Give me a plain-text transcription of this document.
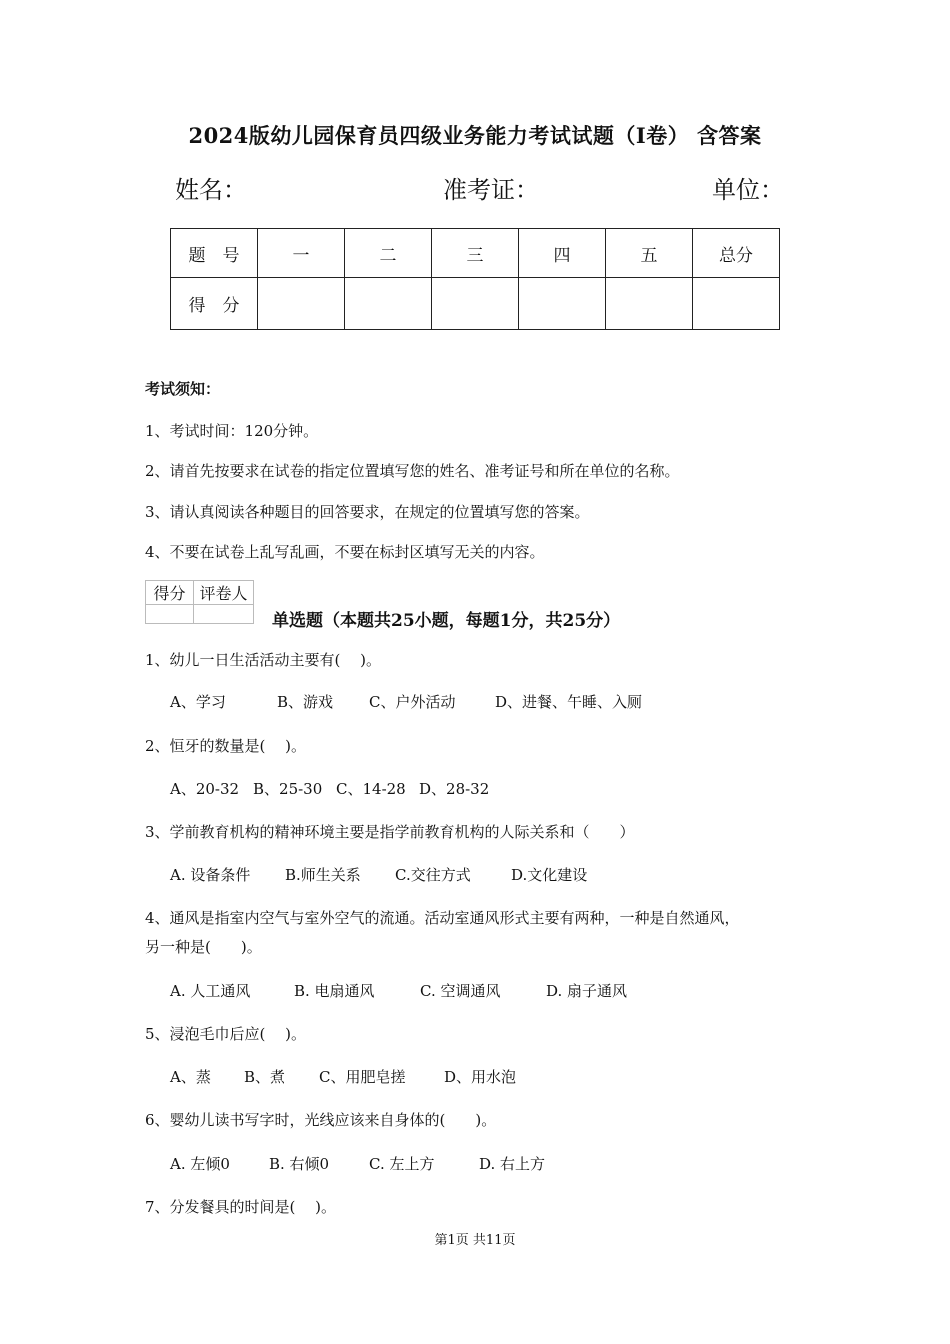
2024版幼儿园保育员四级业务能力考试试题（I卷） 含答案
姓名：	准考证：	单位：
题　号	一	二	三	四	五	总分
得　分						
考试须知：
1、考试时间：120分钟。
2、请首先按要求在试卷的指定位置填写您的姓名、准考证号和所在单位的名称。
3、请认真阅读各种题目的回答要求，在规定的位置填写您的答案。
4、不要在试卷上乱写乱画，不要在标封区填写无关的内容。
得分	评卷人

单选题（本题共25小题，每题1分，共25分）
1、幼儿一日生活活动主要有(　 )。
A、学习	B、游戏 C、户外活动	D、进餐、午睡、入厕
2、恒牙的数量是(　 )。
A、20-32 B、25-30 C、14-28 D、28-32
3、学前教育机构的精神环境主要是指学前教育机构的人际关系和（　　）
A. 设备条件 B.师生关系 C.交往方式	D.文化建设
4、通风是指室内空气与室外空气的流通。活动室通风形式主要有两种，一种是自然通风，
另一种是(　　)。
A. 人工通风	B. 电扇通风	C. 空调通风	D. 扇子通风
5、浸泡毛巾后应(　 )。
A、蒸 B、煮 C、用肥皂搓	D、用水泡
6、婴幼儿读书写字时，光线应该来自身体的(　　)。
A. 左倾0	B. 右倾0	C. 左上方	D. 右上方
7、分发餐具的时间是(　 )。
第1页 共11页
